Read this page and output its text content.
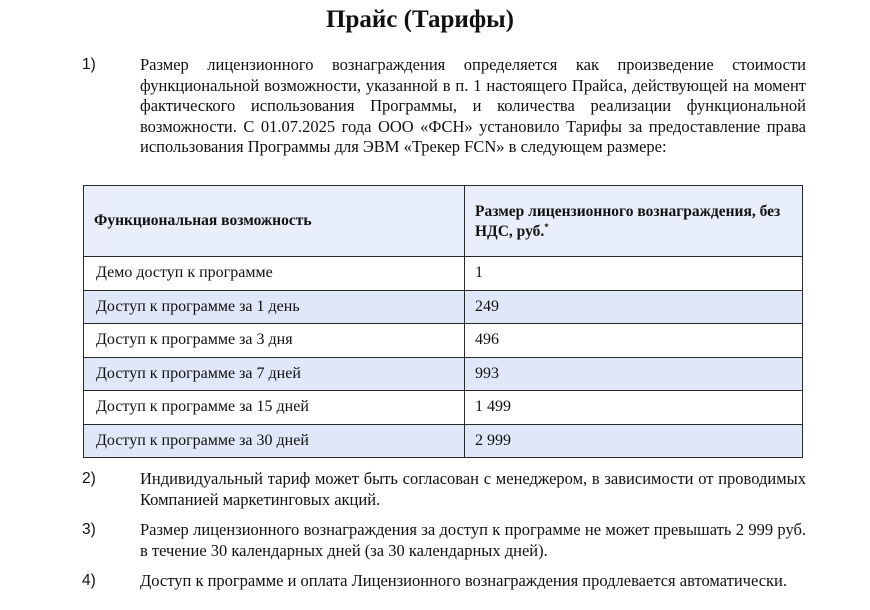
Прайс (Тарифы)
1)	Размер лицензионного вознаграждения определяется как произведение стоимости функциональной возможности, указанной в п. 1 настоящего Прайса, действующей на момент фактического использования Программы, и количества реализации функциональной возможности. С 01.07.2025 года ООО «ФСН» установило Тарифы за предоставление права использования Программы для ЭВМ «Трекер FCN» в следующем размере:
Функциональная возможность	Размер лицензионного вознаграждения, без НДС, руб.*
Демо доступ к программе	1
Доступ к программе за 1 день	249
Доступ к программе за 3 дня	496
Доступ к программе за 7 дней	993
Доступ к программе за 15 дней	1 499
Доступ к программе за 30 дней	2 999
2)	Индивидуальный тариф может быть согласован с менеджером, в зависимости от проводимых Компанией маркетинговых акций.
3)	Размер лицензионного вознаграждения за доступ к программе не может превышать 2 999 руб. в течение 30 календарных дней (за 30 календарных дней).
4)	Доступ к программе и оплата Лицензионного вознаграждения продлевается автоматически.
